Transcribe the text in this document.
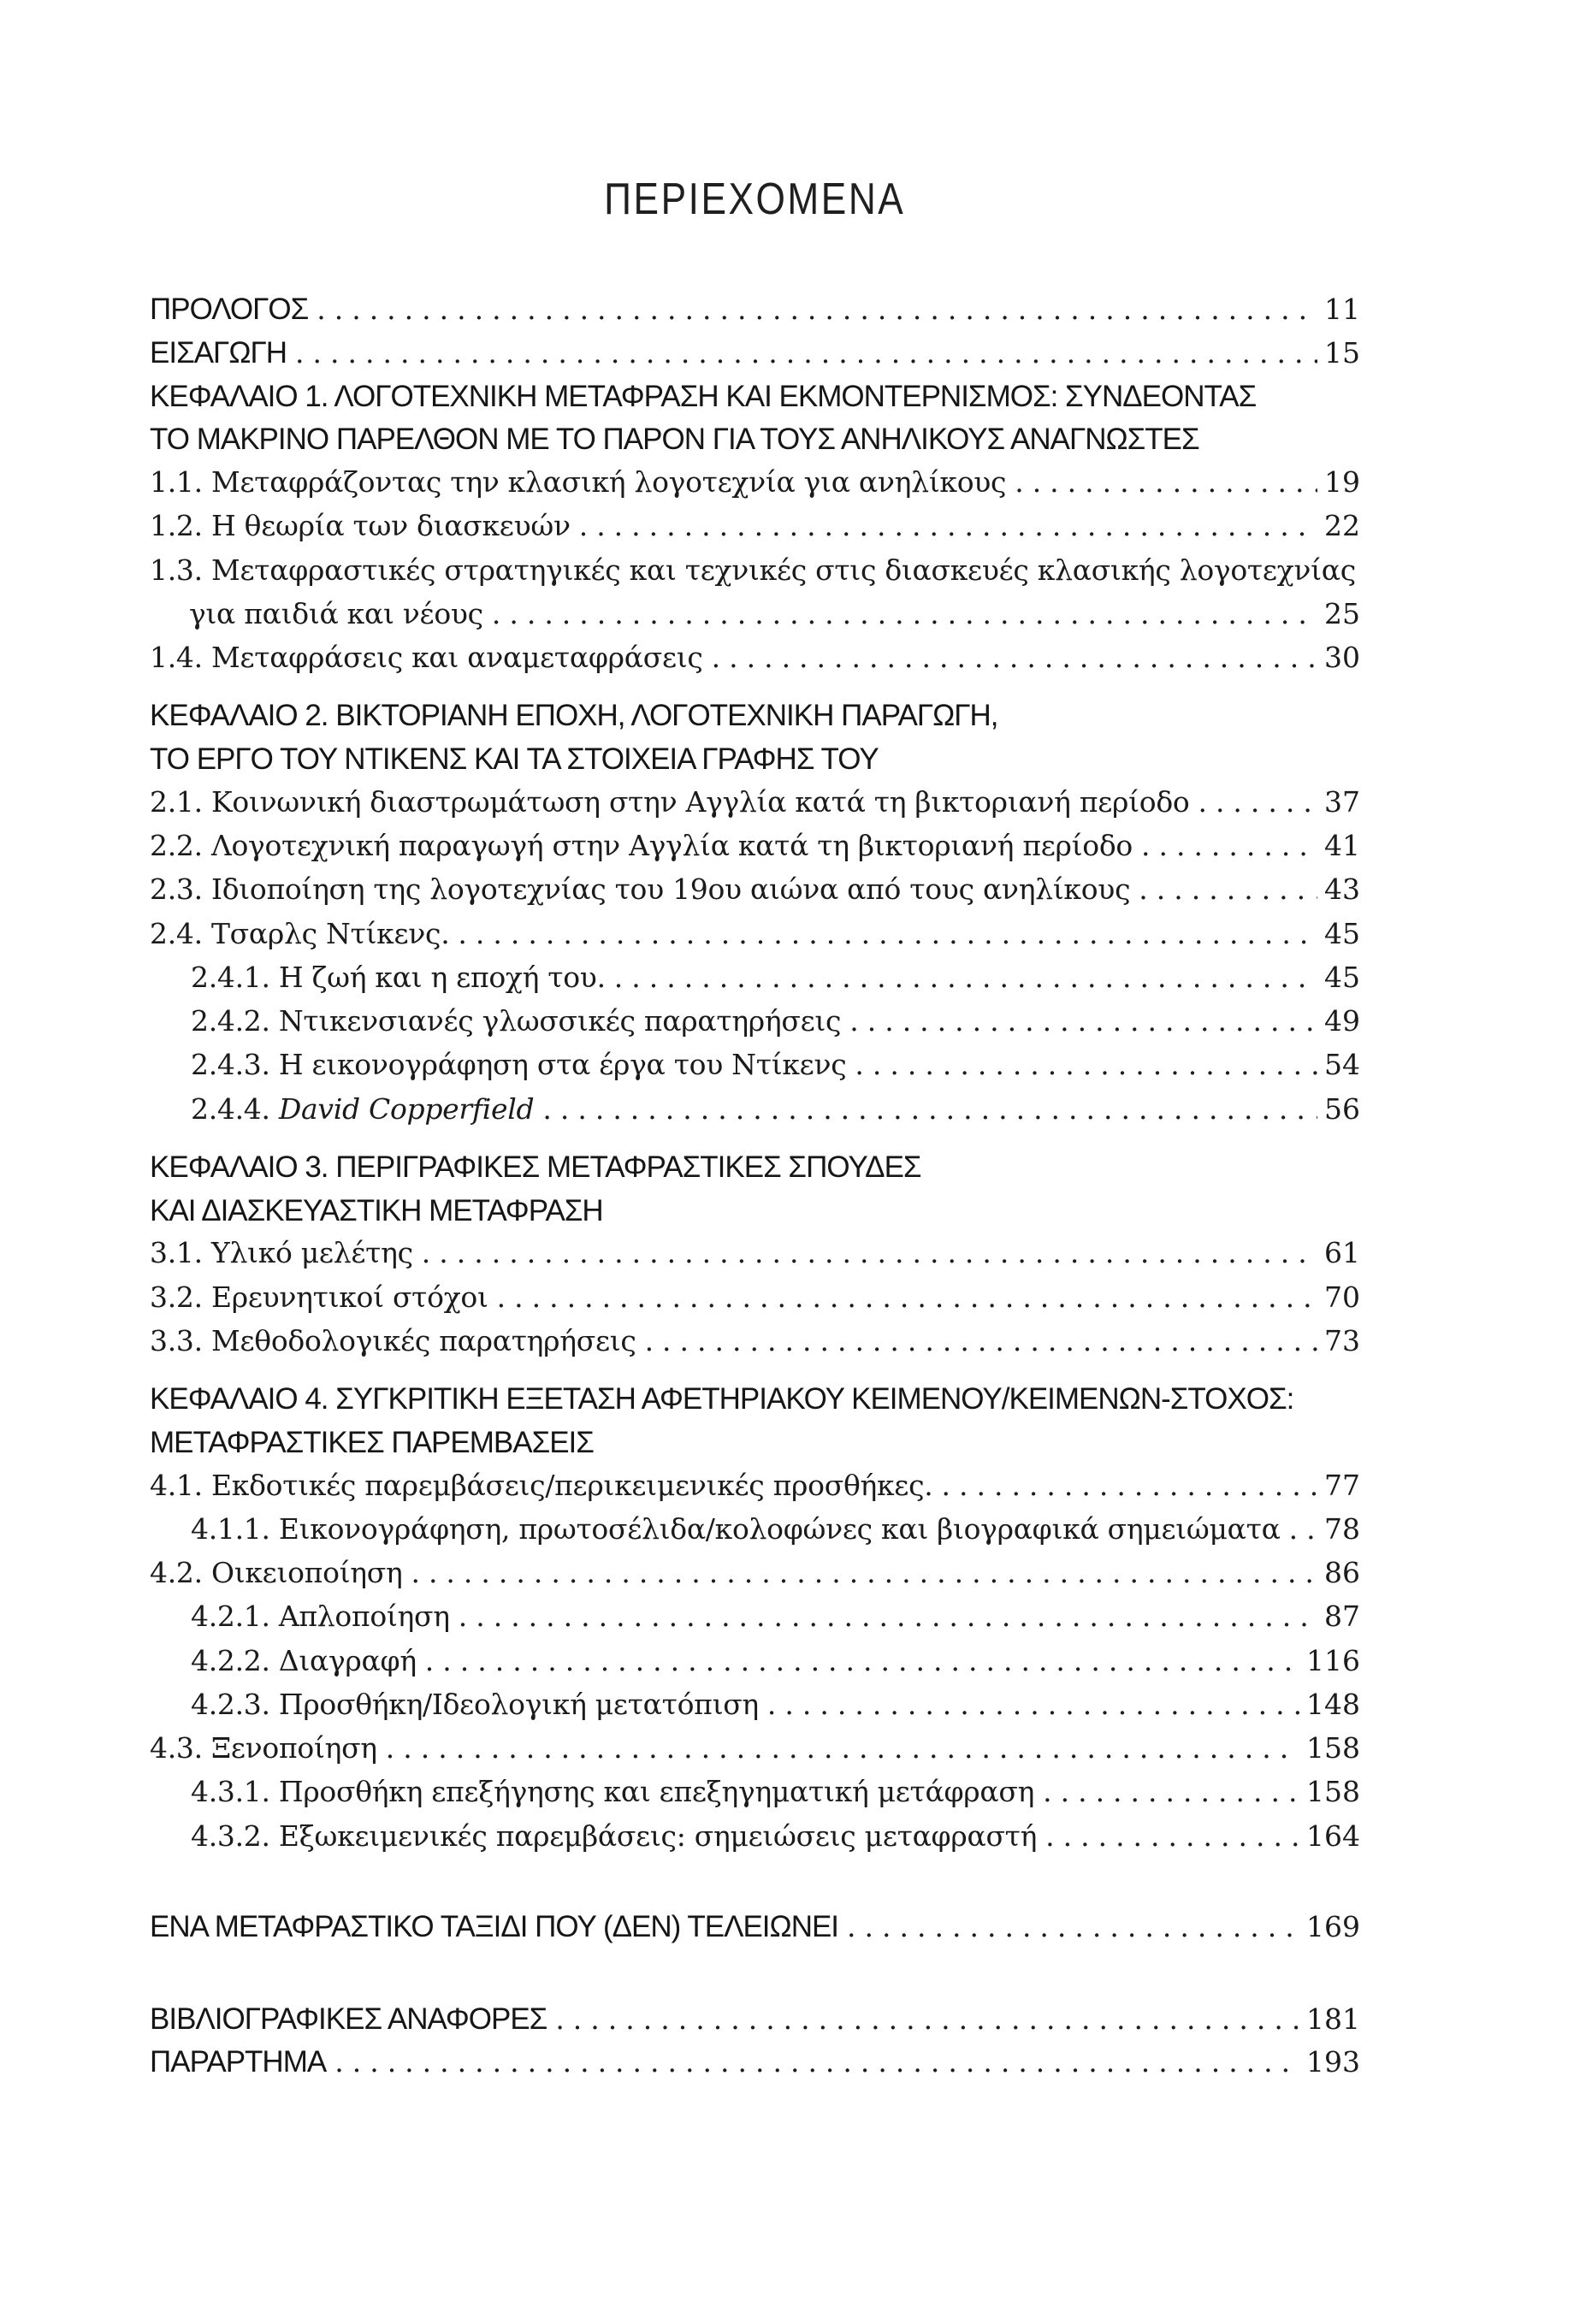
ΠΕΡΙΕΧΟΜΕΝΑ
ΠΡΟΛΟΓΟΣ .....	11
ΕΙΣΑΓΩΓΗ .....	15
ΚΕΦΑΛΑΙΟ 1. ΛΟΓΟΤΕΧΝΙΚΗ ΜΕΤΑΦΡΑΣΗ ΚΑΙ ΕΚΜΟΝΤΕΡΝΙΣΜΟΣ: ΣΥΝΔΕΟΝΤΑΣ
ΤΟ ΜΑΚΡΙΝΟ ΠΑΡΕΛΘΟΝ ΜΕ ΤΟ ΠΑΡΟΝ ΓΙΑ ΤΟΥΣ ΑΝΗΛΙΚΟΥΣ ΑΝΑΓΝΩΣΤΕΣ
1.1. Μεταφράζοντας την κλασική λογοτεχνία για ανηλίκους .....	19
1.2. Η θεωρία των διασκευών .....	22
1.3. Μεταφραστικές στρατηγικές και τεχνικές στις διασκευές κλασικής λογοτεχνίας
για παιδιά και νέους .....	25
1.4. Μεταφράσεις και αναμεταφράσεις .....	30
ΚΕΦΑΛΑΙΟ 2. ΒΙΚΤΟΡΙΑΝΗ ΕΠΟΧΗ, ΛΟΓΟΤΕΧΝΙΚΗ ΠΑΡΑΓΩΓΗ,
ΤΟ ΕΡΓΟ ΤΟΥ ΝΤΙΚΕΝΣ ΚΑΙ ΤΑ ΣΤΟΙΧΕΙΑ ΓΡΑΦΗΣ ΤΟΥ
2.1. Κοινωνική διαστρωμάτωση στην Αγγλία κατά τη βικτοριανή περίοδο .....	37
2.2. Λογοτεχνική παραγωγή στην Αγγλία κατά τη βικτοριανή περίοδο .....	41
2.3. Ιδιοποίηση της λογοτεχνίας του 19ου αιώνα από τους ανηλίκους .....	43
2.4. Τσαρλς Ντίκενς. .....	45
2.4.1. Η ζωή και η εποχή του. .....	45
2.4.2. Ντικενσιανές γλωσσικές παρατηρήσεις .....	49
2.4.3. Η εικονογράφηση στα έργα του Ντίκενς .....	54
2.4.4. David Copperfield .....	56
ΚΕΦΑΛΑΙΟ 3. ΠΕΡΙΓΡΑΦΙΚΕΣ ΜΕΤΑΦΡΑΣΤΙΚΕΣ ΣΠΟΥΔΕΣ
ΚΑΙ ΔΙΑΣΚΕΥΑΣΤΙΚΗ ΜΕΤΑΦΡΑΣΗ
3.1. Υλικό μελέτης .....	61
3.2. Ερευνητικοί στόχοι .....	70
3.3. Μεθοδολογικές παρατηρήσεις .....	73
ΚΕΦΑΛΑΙΟ 4. ΣΥΓΚΡΙΤΙΚΗ ΕΞΕΤΑΣΗ ΑΦΕΤΗΡΙΑΚΟΥ ΚΕΙΜΕΝΟΥ/ΚΕΙΜΕΝΩΝ-ΣΤΟΧΟΣ:
ΜΕΤΑΦΡΑΣΤΙΚΕΣ ΠΑΡΕΜΒΑΣΕΙΣ
4.1. Εκδοτικές παρεμβάσεις/περικειμενικές προσθήκες. .....	77
4.1.1. Εικονογράφηση, πρωτοσέλιδα/κολοφώνες και βιογραφικά σημειώματα ..... 78
4.2. Οικειοποίηση .....	86
4.2.1. Απλοποίηση .....	87
4.2.2. Διαγραφή .....	116
4.2.3. Προσθήκη/Ιδεολογική μετατόπιση .....	148
4.3. Ξενοποίηση .....	158
4.3.1. Προσθήκη επεξήγησης και επεξηγηματική μετάφραση .....	158
4.3.2. Εξωκειμενικές παρεμβάσεις: σημειώσεις μεταφραστή .....	164
ΕΝΑ ΜΕΤΑΦΡΑΣΤΙΚΟ ΤΑΞΙΔΙ ΠΟΥ (ΔΕΝ) ΤΕΛΕΙΩΝΕΙ .....	169
ΒΙΒΛΙΟΓΡΑΦΙΚΕΣ ΑΝΑΦΟΡΕΣ .....	181
ΠΑΡΑΡΤΗΜΑ .....	193
